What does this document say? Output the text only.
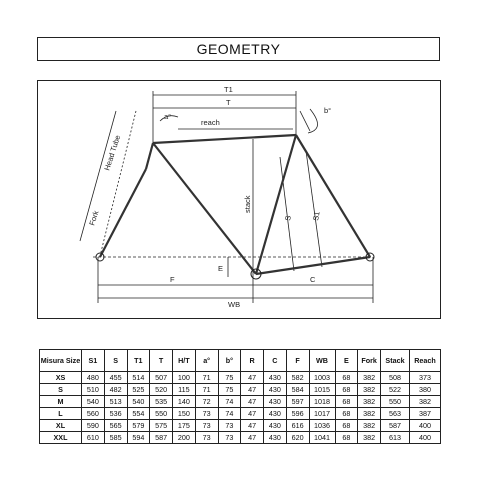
GEOMETRY
T1
T
reach
a°
b°
Head Tube
Fork
stack
S S1
E
F	C
WB
Misura Size	S1	S	T1	T	H/T	a°	b°	R	C	F	WB	E	Fork	Stack	Reach
XS	480	455	514	507	100	71	75	47	430	582	1003	68	382	508	373
S	510	482	525	520	115	71	75	47	430	584	1015	68	382	522	380
M	540	513	540	535	140	72	74	47	430	597	1018	68	382	550	382
L	560	536	554	550	150	73	74	47	430	596	1017	68	382	563	387
XL	590	565	579	575	175	73	73	47	430	616	1036	68	382	587	400
XXL	610	585	594	587	200	73	73	47	430	620	1041	68	382	613	400
